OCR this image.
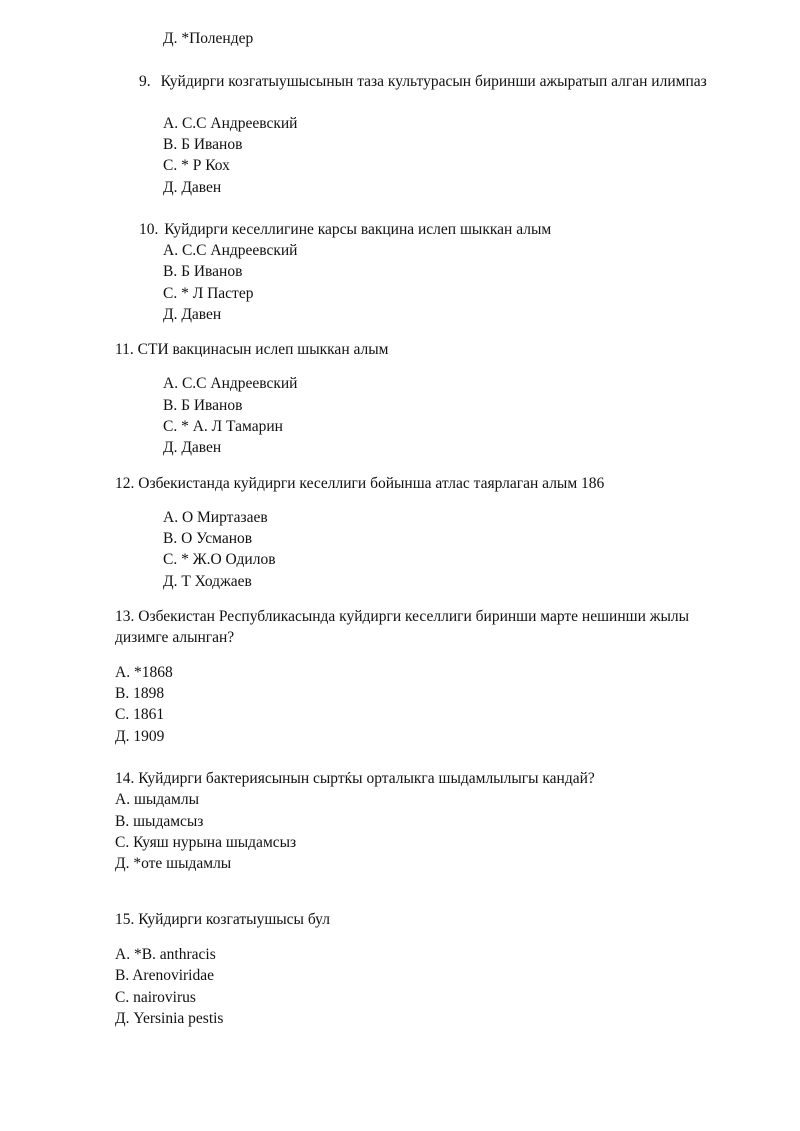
Д. *Полендер
9. Куйдирги козгатыушысынын таза культурасын биринши ажыратып алган илимпаз
A. С.С Андреевский
В. Б Иванов
С. * Р Кох
Д. Давен
10. Куйдирги кеселлигине карсы вакцина ислеп шыккан алым
A. С.С Андреевский
В. Б Иванов
С. * Л Пастер
Д. Давен
11. СТИ вакцинасын ислеп шыккан алым
A. С.С Андреевский
В. Б Иванов
С. * А. Л Тамарин
Д. Давен
12. Озбекистанда куйдирги кеселлиги бойынша атлас таярлаган алым 186
А. О Миртазаев
В. О Усманов
С. * Ж.О Одилов
Д. Т Ходжаев
13. Озбекистан Республикасында куйдирги кеселлиги биринши марте нешинши жылы
дизимге алынган?
A. *1868
B. 1898
C. 1861
Д. 1909
14. Куйдирги бактериясынын сыртќы орталыкга шыдамлылыгы кандай?
A. шыдамлы
B. шыдамсыз
C. Куяш нурына шыдамсыз
Д. *оте шыдамлы
15. Куйдирги козгатыушысы бул
A. *B. anthracis
B. Arenoviridae
C. nairovirus
Д. Yersinia pestis
